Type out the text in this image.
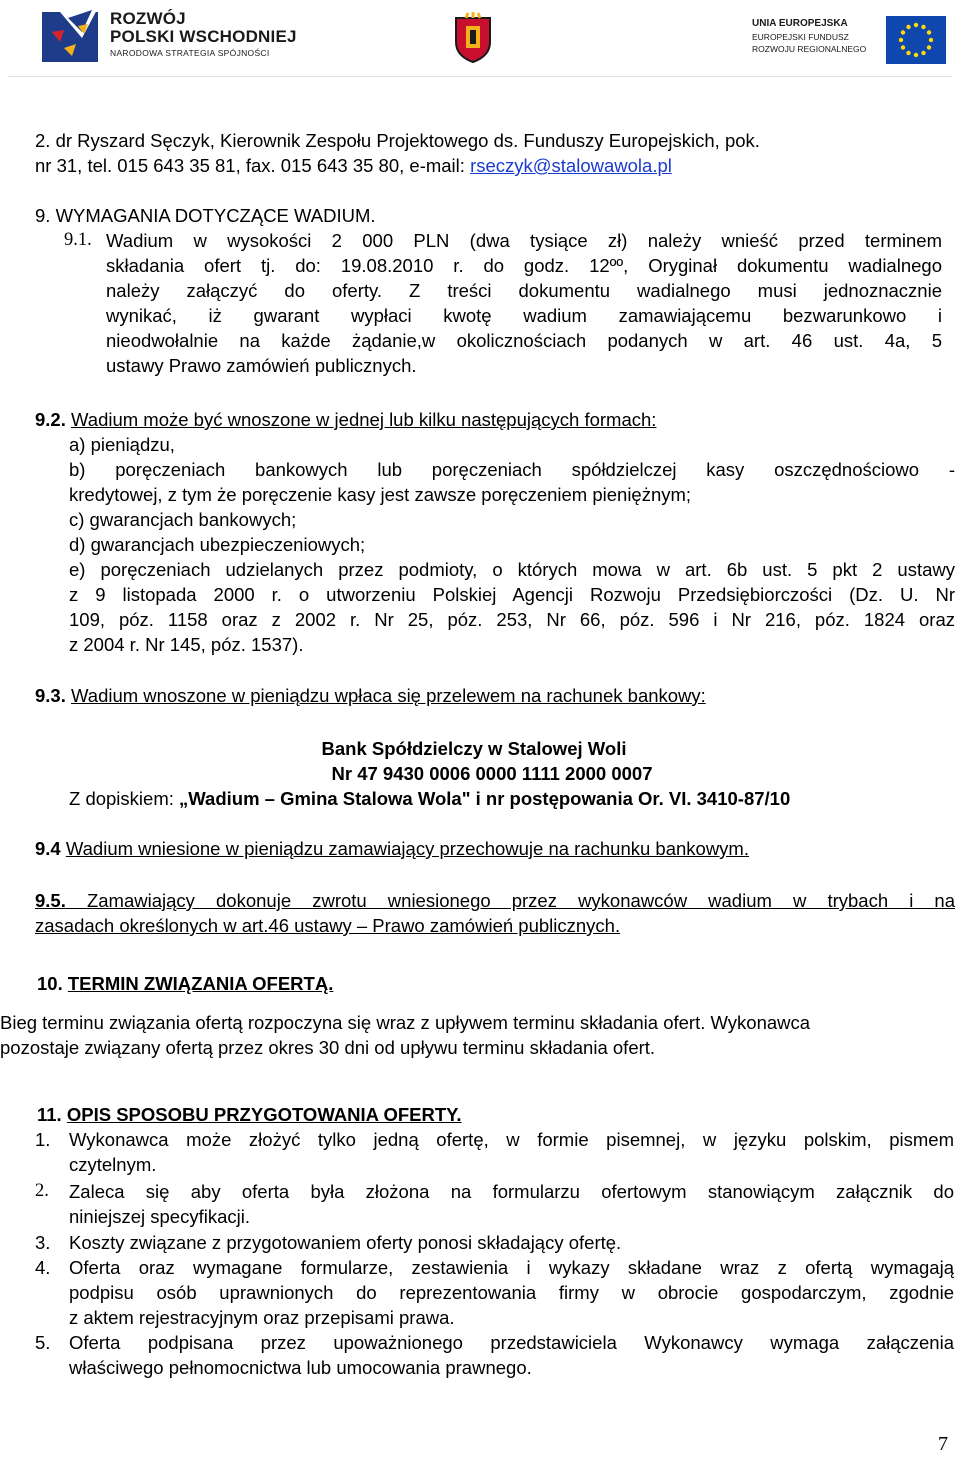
ROZWÓJ
POLSKI WSCHODNIEJ
NARODOWA STRATEGIA SPÓJNOŚCI
UNIA EUROPEJSKA
EUROPEJSKI FUNDUSZ
ROZWOJU REGIONALNEGO
2. dr Ryszard Sęczyk, Kierownik Zespołu Projektowego ds. Funduszy Europejskich, pok.
nr 31, tel. 015 643 35 81, fax. 015 643 35 80, e-mail: rseczyk@stalowawola.pl
9. WYMAGANIA DOTYCZĄCE WADIUM.
9.1. Wadium w wysokości 2 000 PLN (dwa tysiące zł) należy wnieść przed terminem
składania ofert tj. do: 19.08.2010 r. do godz. 12ºº, Oryginał dokumentu wadialnego
należy załączyć do oferty. Z treści dokumentu wadialnego musi jednoznacznie
wynikać, iż gwarant wypłaci kwotę wadium zamawiającemu bezwarunkowo i
nieodwołalnie na każde żądanie,w okolicznościach podanych w art. 46 ust. 4a, 5
ustawy Prawo zamówień publicznych.
9.2. Wadium może być wnoszone w jednej lub kilku następujących formach:
a) pieniądzu,
b) poręczeniach bankowych lub poręczeniach spółdzielczej kasy oszczędnościowo -
kredytowej, z tym że poręczenie kasy jest zawsze poręczeniem pieniężnym;
c) gwarancjach bankowych;
d) gwarancjach ubezpieczeniowych;
e) poręczeniach udzielanych przez podmioty, o których mowa w art. 6b ust. 5 pkt 2 ustawy
z 9 listopada 2000 r. o utworzeniu Polskiej Agencji Rozwoju Przedsiębiorczości (Dz. U. Nr
109, póz. 1158 oraz z 2002 r. Nr 25, póz. 253, Nr 66, póz. 596 i Nr 216, póz. 1824 oraz
z 2004 r. Nr 145, póz. 1537).
9.3. Wadium wnoszone w pieniądzu wpłaca się przelewem na rachunek bankowy:
Bank Spółdzielczy w Stalowej Woli
Nr 47 9430 0006 0000 1111 2000 0007
Z dopiskiem: „Wadium – Gmina Stalowa Wola" i nr postępowania Or. VI. 3410-87/10
9.4 Wadium wniesione w pieniądzu zamawiający przechowuje na rachunku bankowym.
9.5. Zamawiający dokonuje zwrotu wniesionego przez wykonawców wadium w trybach i na
zasadach określonych w art.46 ustawy – Prawo zamówień publicznych.
10. TERMIN ZWIĄZANIA OFERTĄ.
Bieg terminu związania ofertą rozpoczyna się wraz z upływem terminu składania ofert. Wykonawca
pozostaje związany ofertą przez okres 30 dni od upływu terminu składania ofert.
11. OPIS SPOSOBU PRZYGOTOWANIA OFERTY.
1. Wykonawca może złożyć tylko jedną ofertę, w formie pisemnej, w języku polskim, pismem
czytelnym.
2. Zaleca się aby oferta była złożona na formularzu ofertowym stanowiącym załącznik do
niniejszej specyfikacji.
3. Koszty związane z przygotowaniem oferty ponosi składający ofertę.
4. Oferta oraz wymagane formularze, zestawienia i wykazy składane wraz z ofertą wymagają
podpisu osób uprawnionych do reprezentowania firmy w obrocie gospodarczym, zgodnie
z aktem rejestracyjnym oraz przepisami prawa.
5. Oferta podpisana przez upoważnionego przedstawiciela Wykonawcy wymaga załączenia
właściwego pełnomocnictwa lub umocowania prawnego.
7
